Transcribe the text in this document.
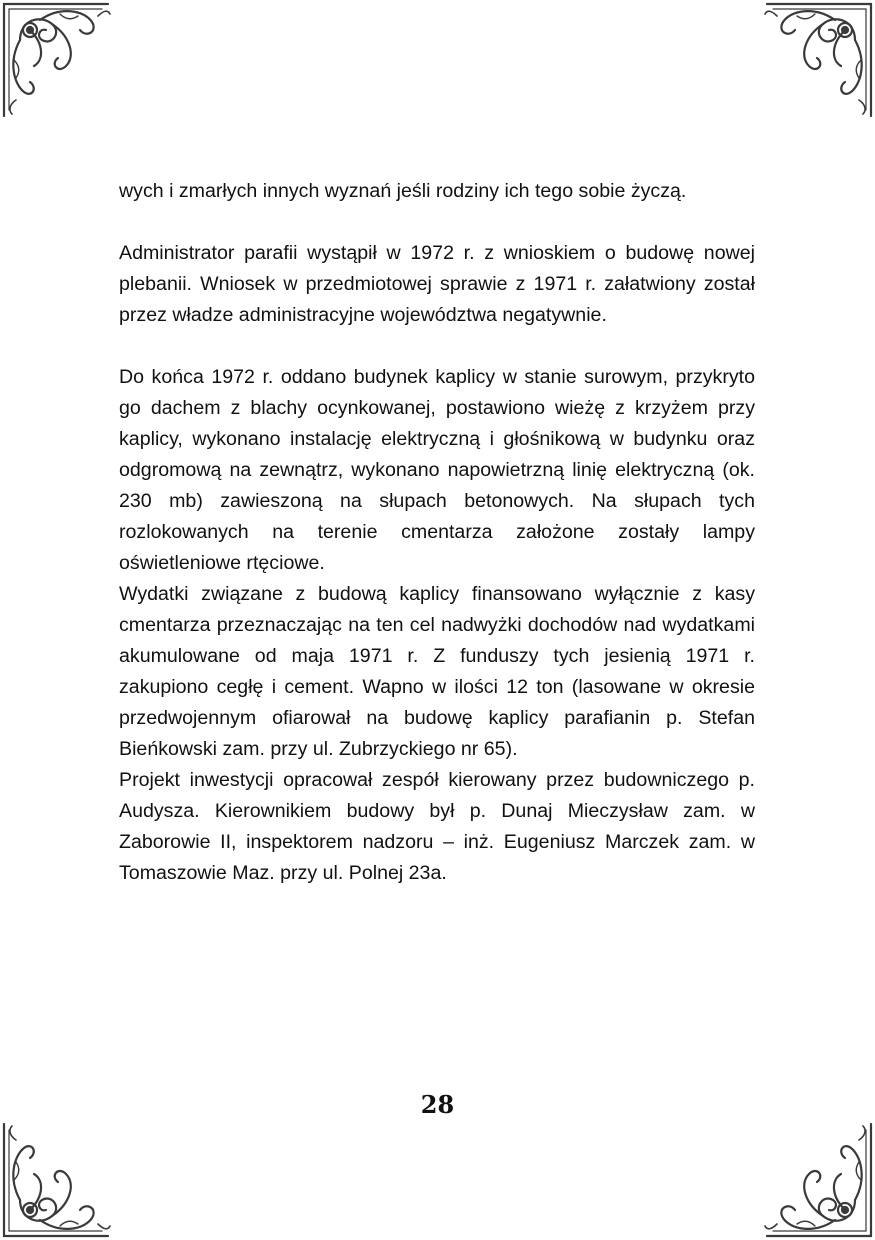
wych i zmarłych innych wyznań jeśli rodziny ich tego sobie życzą.

Administrator parafii wystąpił w 1972 r. z wnioskiem o budowę nowej plebanii. Wniosek w przedmiotowej sprawie z 1971 r. załatwiony został przez władze administracyjne województwa negatywnie.

Do końca 1972 r. oddano budynek kaplicy w stanie surowym, przykryto go dachem z blachy ocynkowanej, postawiono wieżę z krzyżem przy kaplicy, wykonano instalację elektryczną i głośnikową w budynku oraz odgromową na zewnątrz, wykonano napowietrzną linię elektryczną (ok. 230 mb) zawieszoną na słupach betonowych. Na słupach tych rozlokowanych na terenie cmentarza założone zostały lampy oświetleniowe rtęciowe.

Wydatki związane z budową kaplicy finansowano wyłącznie z kasy cmentarza przeznaczając na ten cel nadwyżki dochodów nad wydatkami akumulowane od maja 1971 r. Z funduszy tych jesienią 1971 r. zakupiono cegłę i cement. Wapno w ilości 12 ton (lasowane w okresie przedwojennym ofiarował na budowę kaplicy parafianin p. Stefan Bieńkowski zam. przy ul. Zubrzyckiego nr 65).

Projekt inwestycji opracował zespół kierowany przez budowniczego p. Audysza. Kierownikiem budowy był p. Dunaj Mieczysław zam. w Zaborowie II, inspektorem nadzoru – inż. Eugeniusz Marczek zam. w Tomaszowie Maz. przy ul. Polnej 23a.

28
